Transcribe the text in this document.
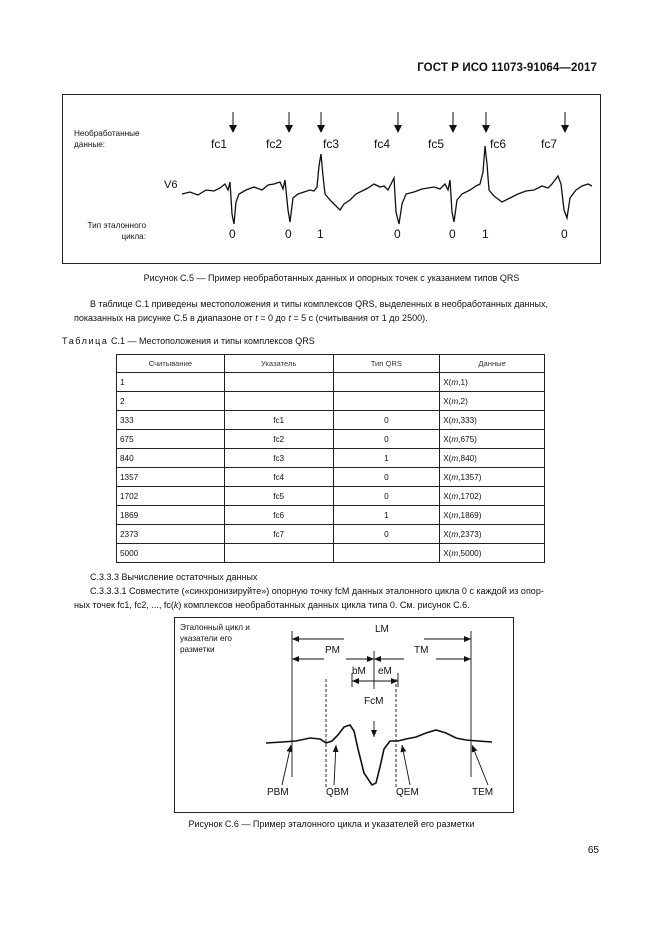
ГОСТ Р ИСО 11073-91064—2017
Необработанные
данные:
V6
Тип эталонного
цикла:
fc1	fc2	fc3	fc4	fc5	fc6	fc7
0	0 1	0	0 1	0
Рисунок С.5 — Пример необработанных данных и опорных точек с указанием типов QRS
В таблице С.1 приведены местоположения и типы комплексов QRS, выделенных в необработанных данных,
показанных на рисунке С.5 в диапазоне от t = 0 до t = 5 с (считывания от 1 до 2500).
Таблица С.1 — Местоположения и типы комплексов QRS
Считывание	Указатель	Тип QRS	Данные
1			X(m,1)
2			X(m,2)
333	fc1	0	X(m,333)
675	fc2	0	X(m,675)
840	fc3	1	X(m,840)
1357	fc4	0	X(m,1357)
1702	fc5	0	X(m,1702)
1869	fc6	1	X(m,1869)
2373	fc7	0	X(m,2373)
5000			X(m,5000)
С.3.3.3 Вычисление остаточных данных
С.3.3.3.1 Совместите («синхронизируйте») опорную точку fcM данных эталонного цикла 0 с каждой из опор-
ных точек fc1, fc2, ..., fc(k) комплексов необработанных данных цикла типа 0. См. рисунок С.6.
Эталонный цикл и
указатели его
разметки
LM
PM	TM
bM eM
FcM
PBM	QBM	QEM	TEM
Рисунок С.6 — Пример эталонного цикла и указателей его разметки
65
